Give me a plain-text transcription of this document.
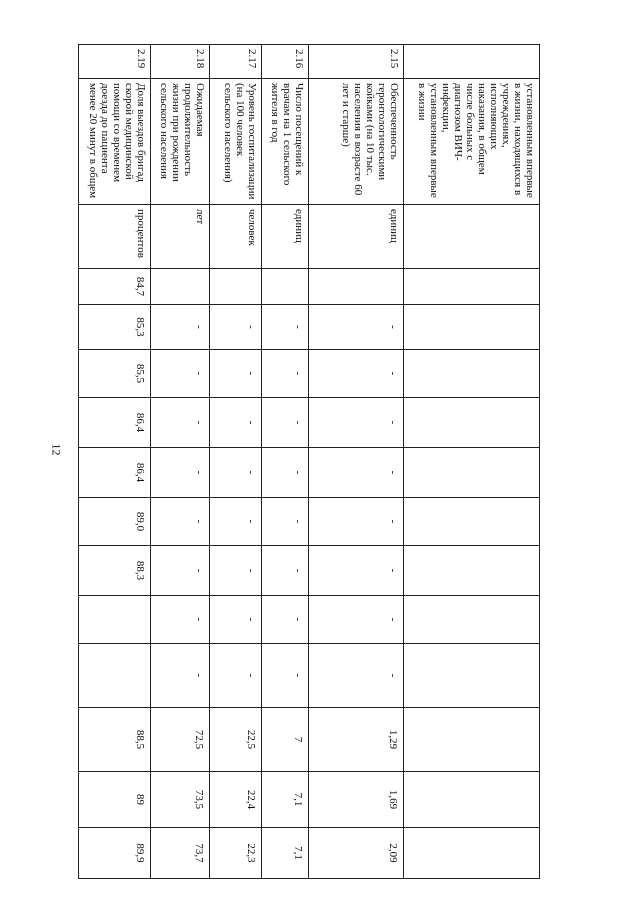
12
	установленным впервые в жизни, находящихся в учреждениях, исполняющих наказания, в общем числе больных с диагнозом ВИЧ-инфекции, установленным впервые в жизни																
2.15	Обеспеченность геронтологическими койками (на 10 тыс. населения в возрасте 60 лет и старше)	единиц		-	-	-	-	-	-	-	-	1,29	1,69	2,09		
2.16	Число посещений к врачам на 1 сельского жителя в год	единиц		-	-	-	-	-	-	-	-	7	7,1	7,1		
2.17	Уровень госпитализации (на 100 человек сельского населения)	человек		-	-	-	-	-	-	-	-	22,5	22,4	22,3		
2.18	Ожидаемая продолжительность жизни при рождении сельского населения	лет		-	-	-	-	-	-	-	-	72,5	73,5	73,7		
2.19	Доля выездов бригад скорой медицинской помощи со временем доезда до пациента менее 20 минут в общем	процентов	84,7	85,3	85,5	86,4	86,4	89,0	88,3			88,5	89	89,9		
